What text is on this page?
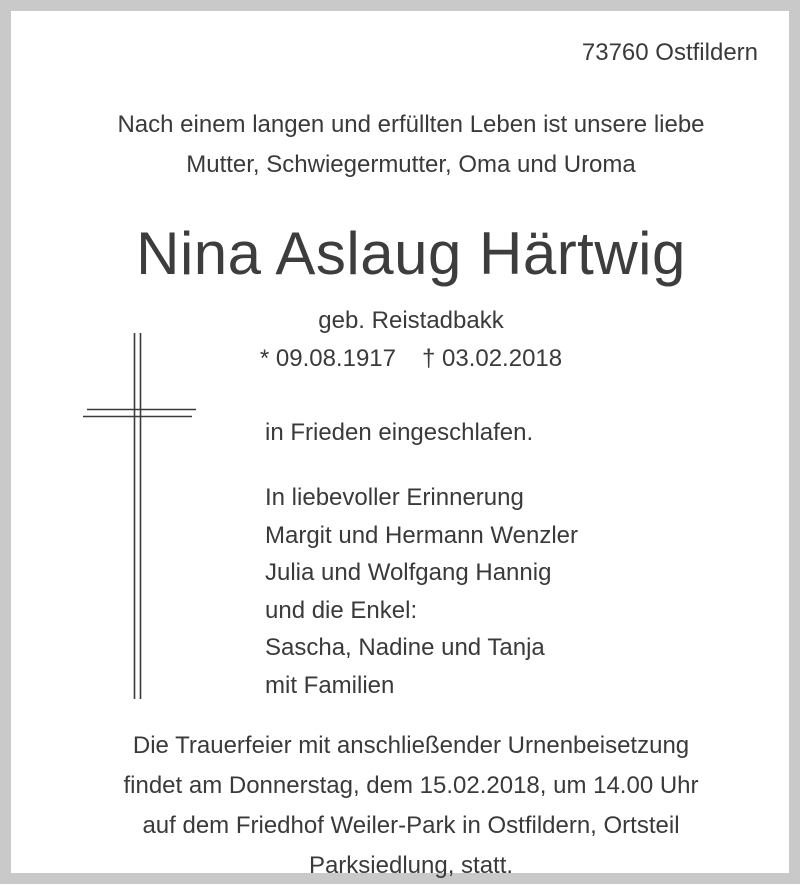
73760 Ostfildern

Nach einem langen und erfüllten Leben ist unsere liebe
Mutter, Schwiegermutter, Oma und Uroma
Nina Aslaug Härtwig

geb. Reistadbakk

* 09.08.1917 † 03.02.2018

in Frieden eingeschlafen.

In liebevoller Erinnerung
Margit und Hermann Wenzler
Julia und Wolfgang Hannig
und die Enkel:
Sascha, Nadine und Tanja
mit Familien
Die Trauerfeier mit anschließender Urnenbeisetzung
findet am Donnerstag, dem 15.02.2018, um 14.00 Uhr
auf dem Friedhof Weiler-Park in Ostfildern, Ortsteil
Parksiedlung, statt.
